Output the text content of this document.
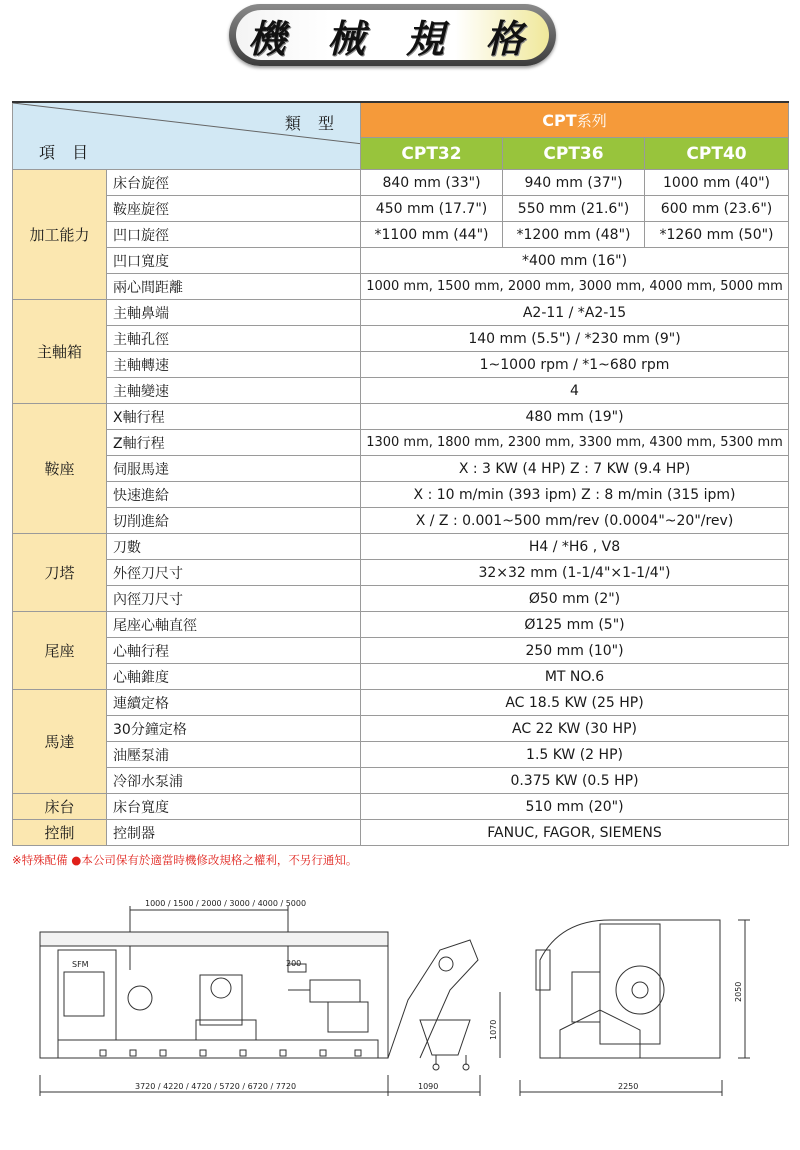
機 械 規 格
類 型
項 目		CPT系列		
		CPT32	CPT36	CPT40
加工能力	床台旋徑	840 mm (33")	940 mm (37")	1000 mm (40")
	鞍座旋徑	450 mm (17.7")	550 mm (21.6")	600 mm (23.6")
	凹口旋徑	*1100 mm (44")	*1200 mm (48")	*1260 mm (50")
	凹口寬度	*400 mm (16")		
	兩心間距離	1000 mm, 1500 mm, 2000 mm, 3000 mm, 4000 mm, 5000 mm		
主軸箱	主軸鼻端	A2-11 / *A2-15		
	主軸孔徑	140 mm (5.5") / *230 mm (9")		
	主軸轉速	1~1000 rpm / *1~680 rpm		
	主軸變速	4		
鞍座	X軸行程	480 mm (19")		
	Z軸行程	1300 mm, 1800 mm, 2300 mm, 3300 mm, 4300 mm, 5300 mm		
	伺服馬達	X : 3 KW (4 HP) Z : 7 KW (9.4 HP)		
	快速進給	X : 10 m/min (393 ipm) Z : 8 m/min (315 ipm)		
	切削進給	X / Z : 0.001~500 mm/rev (0.0004"~20"/rev)		
刀塔	刀數	H4 / *H6 , V8		
	外徑刀尺寸	32×32 mm (1-1/4"×1-1/4")		
	內徑刀尺寸	Ø50 mm (2")		
尾座	尾座心軸直徑	Ø125 mm (5")		
	心軸行程	250 mm (10")		
	心軸錐度	MT NO.6		
馬達	連續定格	AC 18.5 KW (25 HP)		
	30分鐘定格	AC 22 KW (30 HP)		
	油壓泵浦	1.5 KW (2 HP)		
	冷卻水泵浦	0.375 KW (0.5 HP)		
床台	床台寬度	510 mm (20")		
控制	控制器	FANUC, FAGOR, SIEMENS		
※特殊配備 ●本公司保有於適當時機修改規格之權利，不另行通知。
1000 / 1500 / 2000 / 3000 / 4000 / 5000
200
SFM
3720 / 4220 / 4720 / 5720 / 6720 / 7720	1090	2250
1070
2050
